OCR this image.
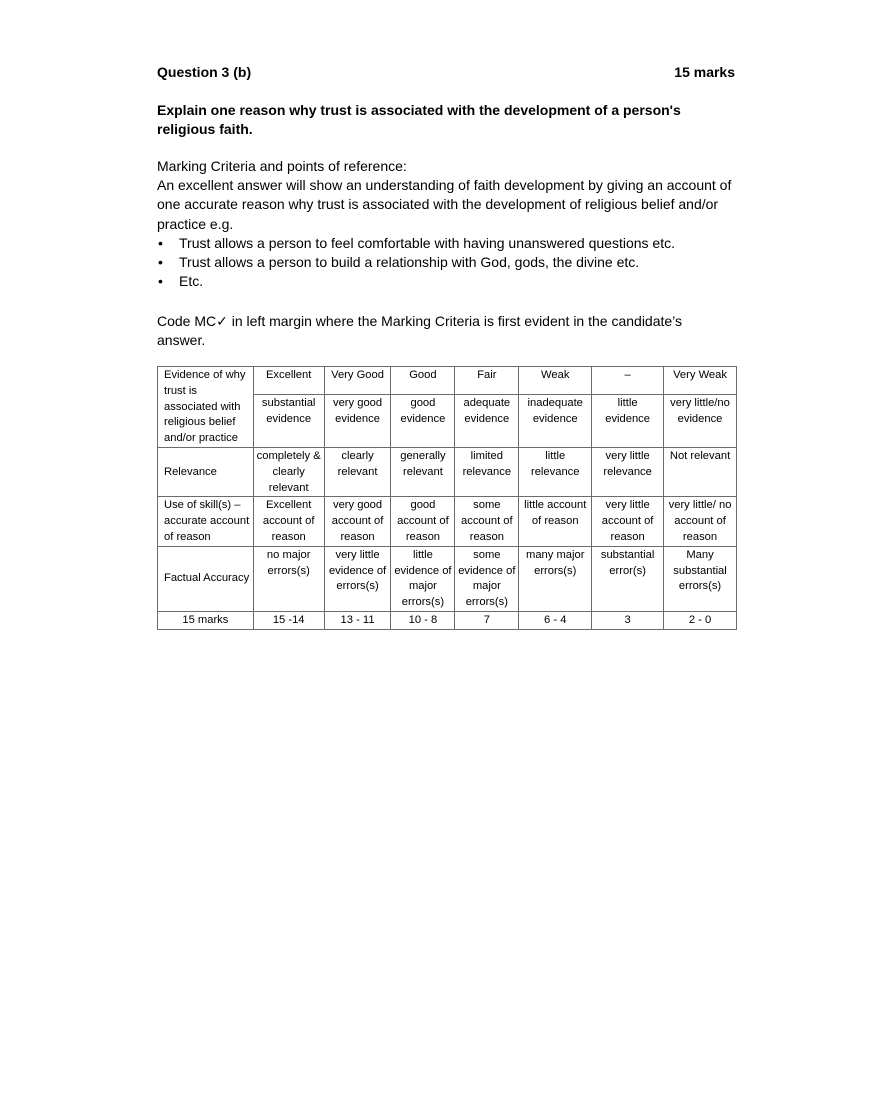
Question 3 (b)	15 marks
Explain one reason why trust is associated with the development of a person's religious faith.

Marking Criteria and points of reference:

An excellent answer will show an understanding of faith development by giving an account of one accurate reason why trust is associated with the development of religious belief and/or practice e.g.

• Trust allows a person to feel comfortable with having unanswered questions etc.
• Trust allows a person to build a relationship with God, gods, the divine etc.
• Etc.
Code MC✓ in left margin where the Marking Criteria is first evident in the candidate’s answer.
Evidence of why trust is associated with religious belief and/or practice	Excellent	Very Good	Good	Fair	Weak	–	Very Weak
	substantial evidence	very good evidence	good evidence	adequate evidence	inadequate evidence	little evidence	very little/no evidence
Relevance	completely & clearly relevant	clearly relevant	generally relevant	limited relevance	little relevance	very little relevance	Not relevant
Use of skill(s) – accurate account of reason	Excellent account of reason	very good account of reason	good account of reason	some account of reason	little account of reason	very little account of reason	very little/ no account of reason
Factual Accuracy	no major errors(s)	very little evidence of errors(s)	little evidence of major errors(s)	some evidence of major errors(s)	many major errors(s)	substantial error(s)	Many substantial errors(s)
15 marks	15 -14	13 - 11	10 - 8	7	6 - 4	3	2 - 0
